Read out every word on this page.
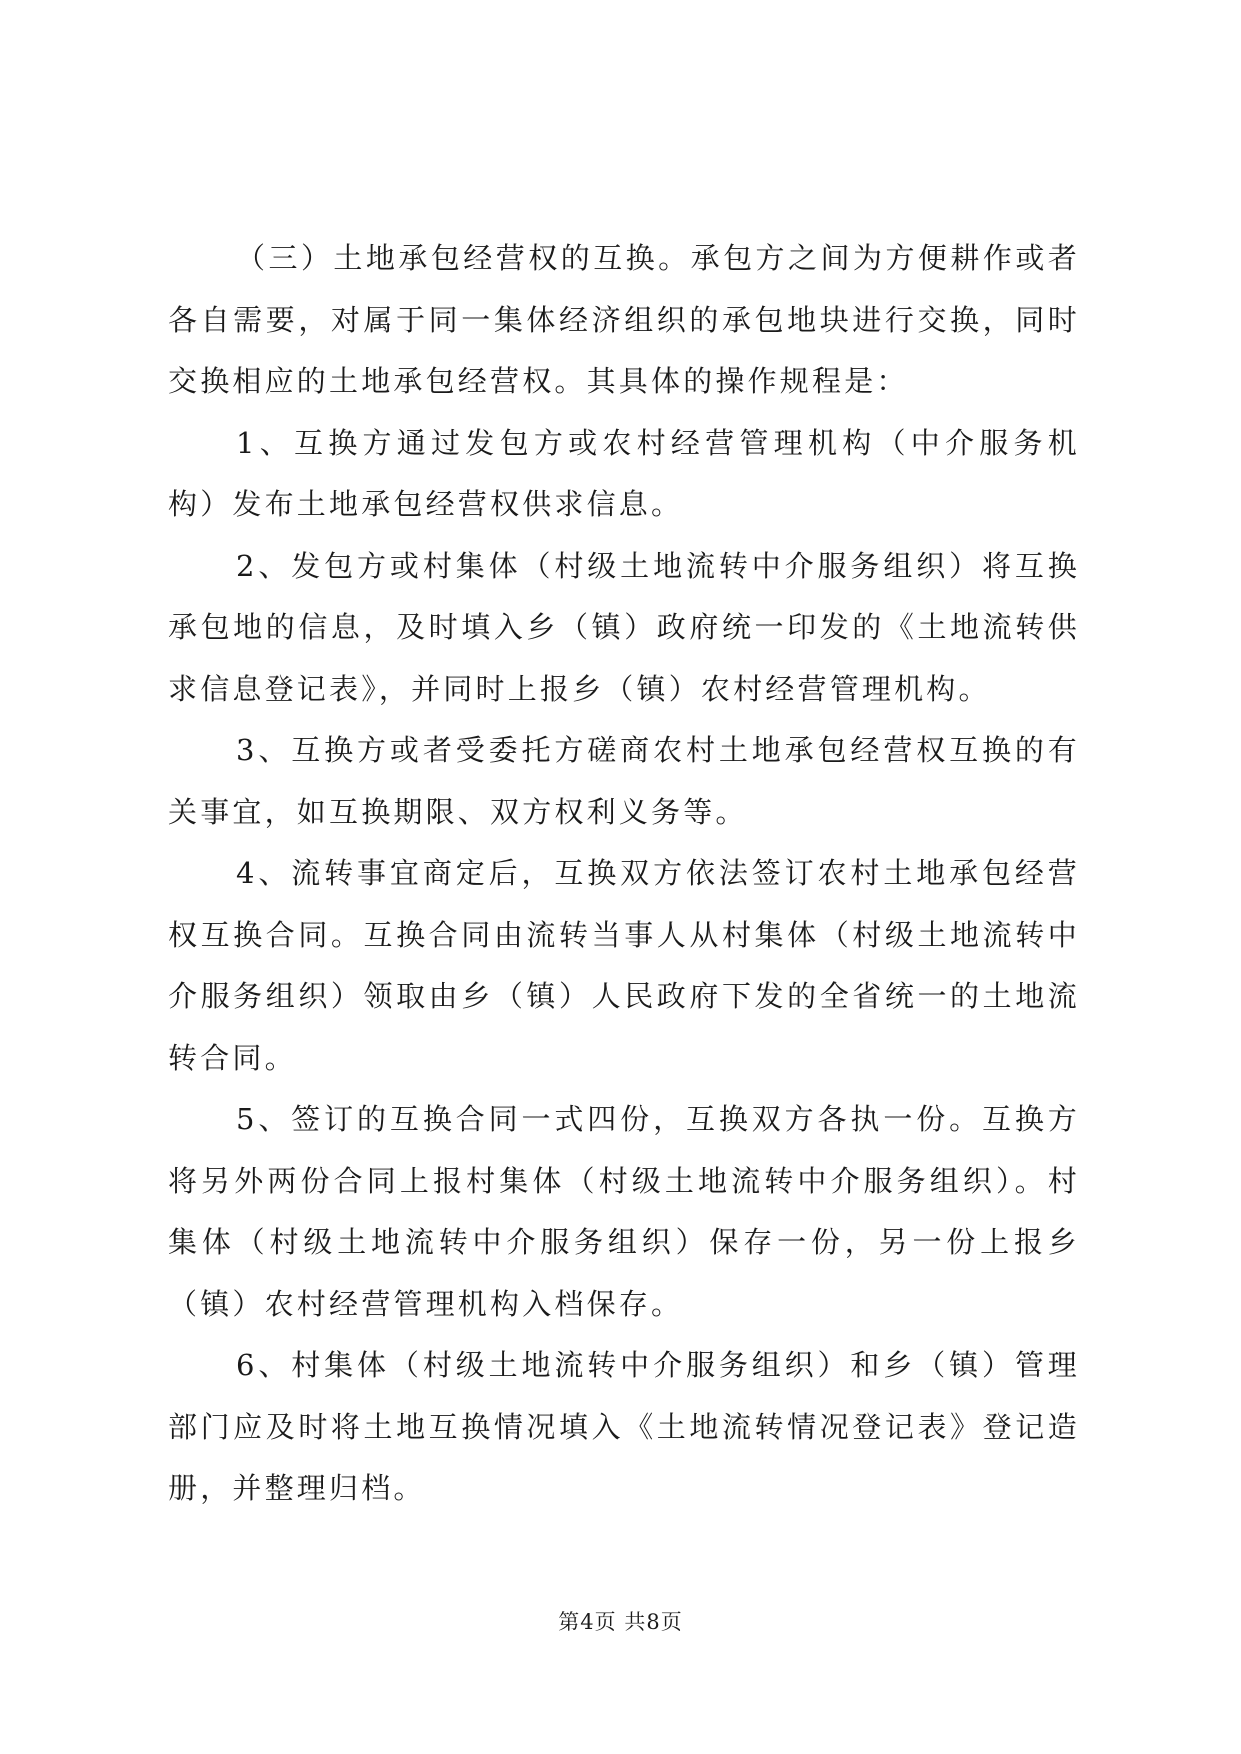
（三）土地承包经营权的互换。承包方之间为方便耕作或者各自需要，对属于同一集体经济组织的承包地块进行交换，同时交换相应的土地承包经营权。其具体的操作规程是：

1、互换方通过发包方或农村经营管理机构（中介服务机构）发布土地承包经营权供求信息。

2、发包方或村集体（村级土地流转中介服务组织）将互换承包地的信息，及时填入乡（镇）政府统一印发的《土地流转供求信息登记表》，并同时上报乡（镇）农村经营管理机构。

3、互换方或者受委托方磋商农村土地承包经营权互换的有关事宜，如互换期限、双方权利义务等。

4、流转事宜商定后，互换双方依法签订农村土地承包经营权互换合同。互换合同由流转当事人从村集体（村级土地流转中介服务组织）领取由乡（镇）人民政府下发的全省统一的土地流转合同。

5、签订的互换合同一式四份，互换双方各执一份。互换方将另外两份合同上报村集体（村级土地流转中介服务组织）。村集体（村级土地流转中介服务组织）保存一份，另一份上报乡（镇）农村经营管理机构入档保存。

6、村集体（村级土地流转中介服务组织）和乡（镇）管理部门应及时将土地互换情况填入《土地流转情况登记表》登记造册，并整理归档。

第4页 共8页
